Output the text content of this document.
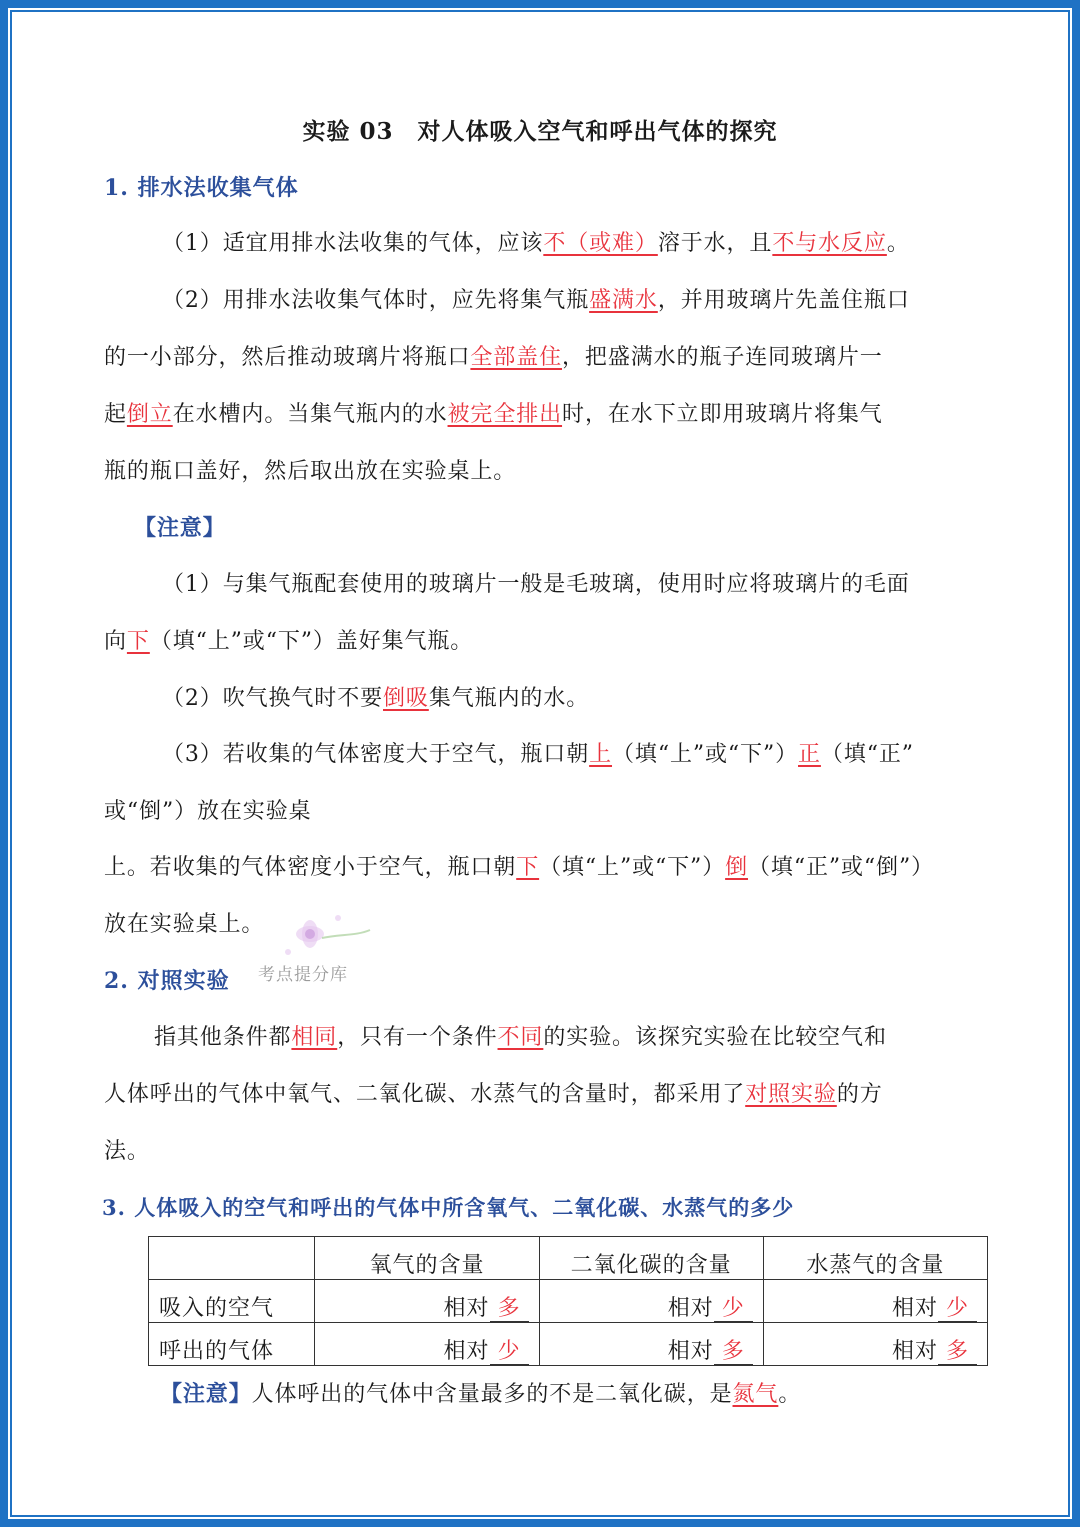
实验 03　对人体吸入空气和呼出气体的探究
1. 排水法收集气体
（1）适宜用排水法收集的气体，应该不（或难）溶于水，且不与水反应。
（2）用排水法收集气体时，应先将集气瓶盛满水，并用玻璃片先盖住瓶口
的一小部分，然后推动玻璃片将瓶口全部盖住，把盛满水的瓶子连同玻璃片一
起倒立在水槽内。当集气瓶内的水被完全排出时，在水下立即用玻璃片将集气
瓶的瓶口盖好，然后取出放在实验桌上。
【注意】
（1）与集气瓶配套使用的玻璃片一般是毛玻璃，使用时应将玻璃片的毛面
向下（填“上”或“下”）盖好集气瓶。
（2）吹气换气时不要倒吸集气瓶内的水。
（3）若收集的气体密度大于空气，瓶口朝上（填“上”或“下”）正（填“正”
或“倒”）放在实验桌
上。若收集的气体密度小于空气，瓶口朝下（填“上”或“下”）倒（填“正”或“倒”）
放在实验桌上。
2. 对照实验
指其他条件都相同，只有一个条件不同的实验。该探究实验在比较空气和
人体呼出的气体中氧气、二氧化碳、水蒸气的含量时，都采用了对照实验的方
法。
3. 人体吸入的空气和呼出的气体中所含氧气、二氧化碳、水蒸气的多少
考点提分库
	氧气的含量	二氧化碳的含量	水蒸气的含量
吸入的空气	相对 多	相对 少	相对 少
呼出的气体	相对 少	相对 多	相对 多
【注意】人体呼出的气体中含量最多的不是二氧化碳，是氮气。
